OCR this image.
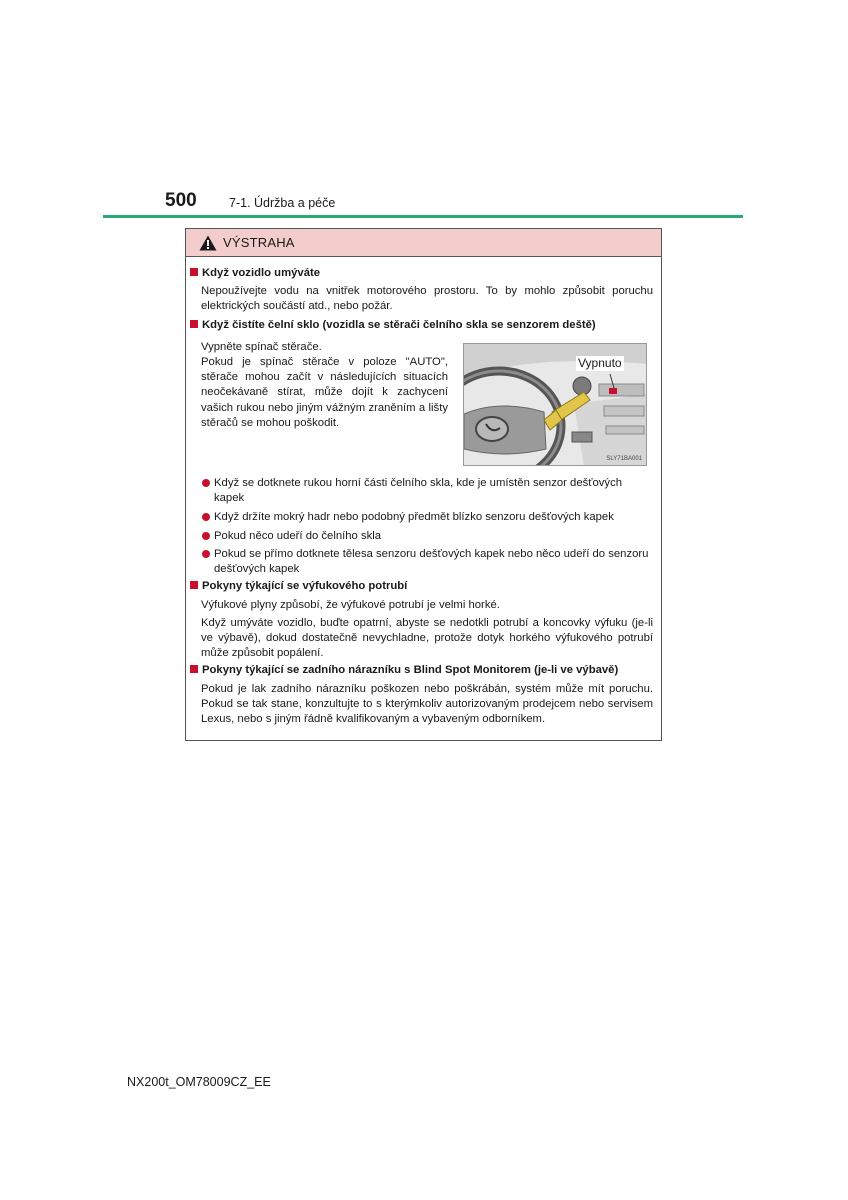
500	7-1. Údržba a péče
VÝSTRAHA
Když vozidlo umýváte
Nepoužívejte vodu na vnitřek motorového prostoru. To by mohlo způsobit poruchu elektrických součástí atd., nebo požár.
Když čistíte čelní sklo (vozidla se stěrači čelního skla se senzorem deště)
Vypněte spínač stěrače.
Pokud je spínač stěrače v poloze "AUTO", stěrače mohou začít v následujících situacích neočekávaně stírat, může dojít k zachycení vašich rukou nebo jiným vážným zraněním a lišty stěračů se mohou poškodit.
Vypnuto
SLY71BA001
Když se dotknete rukou horní části čelního skla, kde je umístěn senzor dešťových kapek
Když držíte mokrý hadr nebo podobný předmět blízko senzoru dešťových kapek
Pokud něco udeří do čelního skla
Pokud se přímo dotknete tělesa senzoru dešťových kapek nebo něco udeří do senzoru dešťových kapek
Pokyny týkající se výfukového potrubí
Výfukové plyny způsobí, že výfukové potrubí je velmi horké.
Když umýváte vozidlo, buďte opatrní, abyste se nedotkli potrubí a koncovky výfuku (je-li ve výbavě), dokud dostatečně nevychladne, protože dotyk horkého výfukového potrubí může způsobit popálení.
Pokyny týkající se zadního nárazníku s Blind Spot Monitorem (je-li ve výbavě)
Pokud je lak zadního nárazníku poškozen nebo poškrábán, systém může mít poruchu. Pokud se tak stane, konzultujte to s kterýmkoliv autorizovaným prodejcem nebo servisem Lexus, nebo s jiným řádně kvalifikovaným a vybaveným odborníkem.
NX200t_OM78009CZ_EE
